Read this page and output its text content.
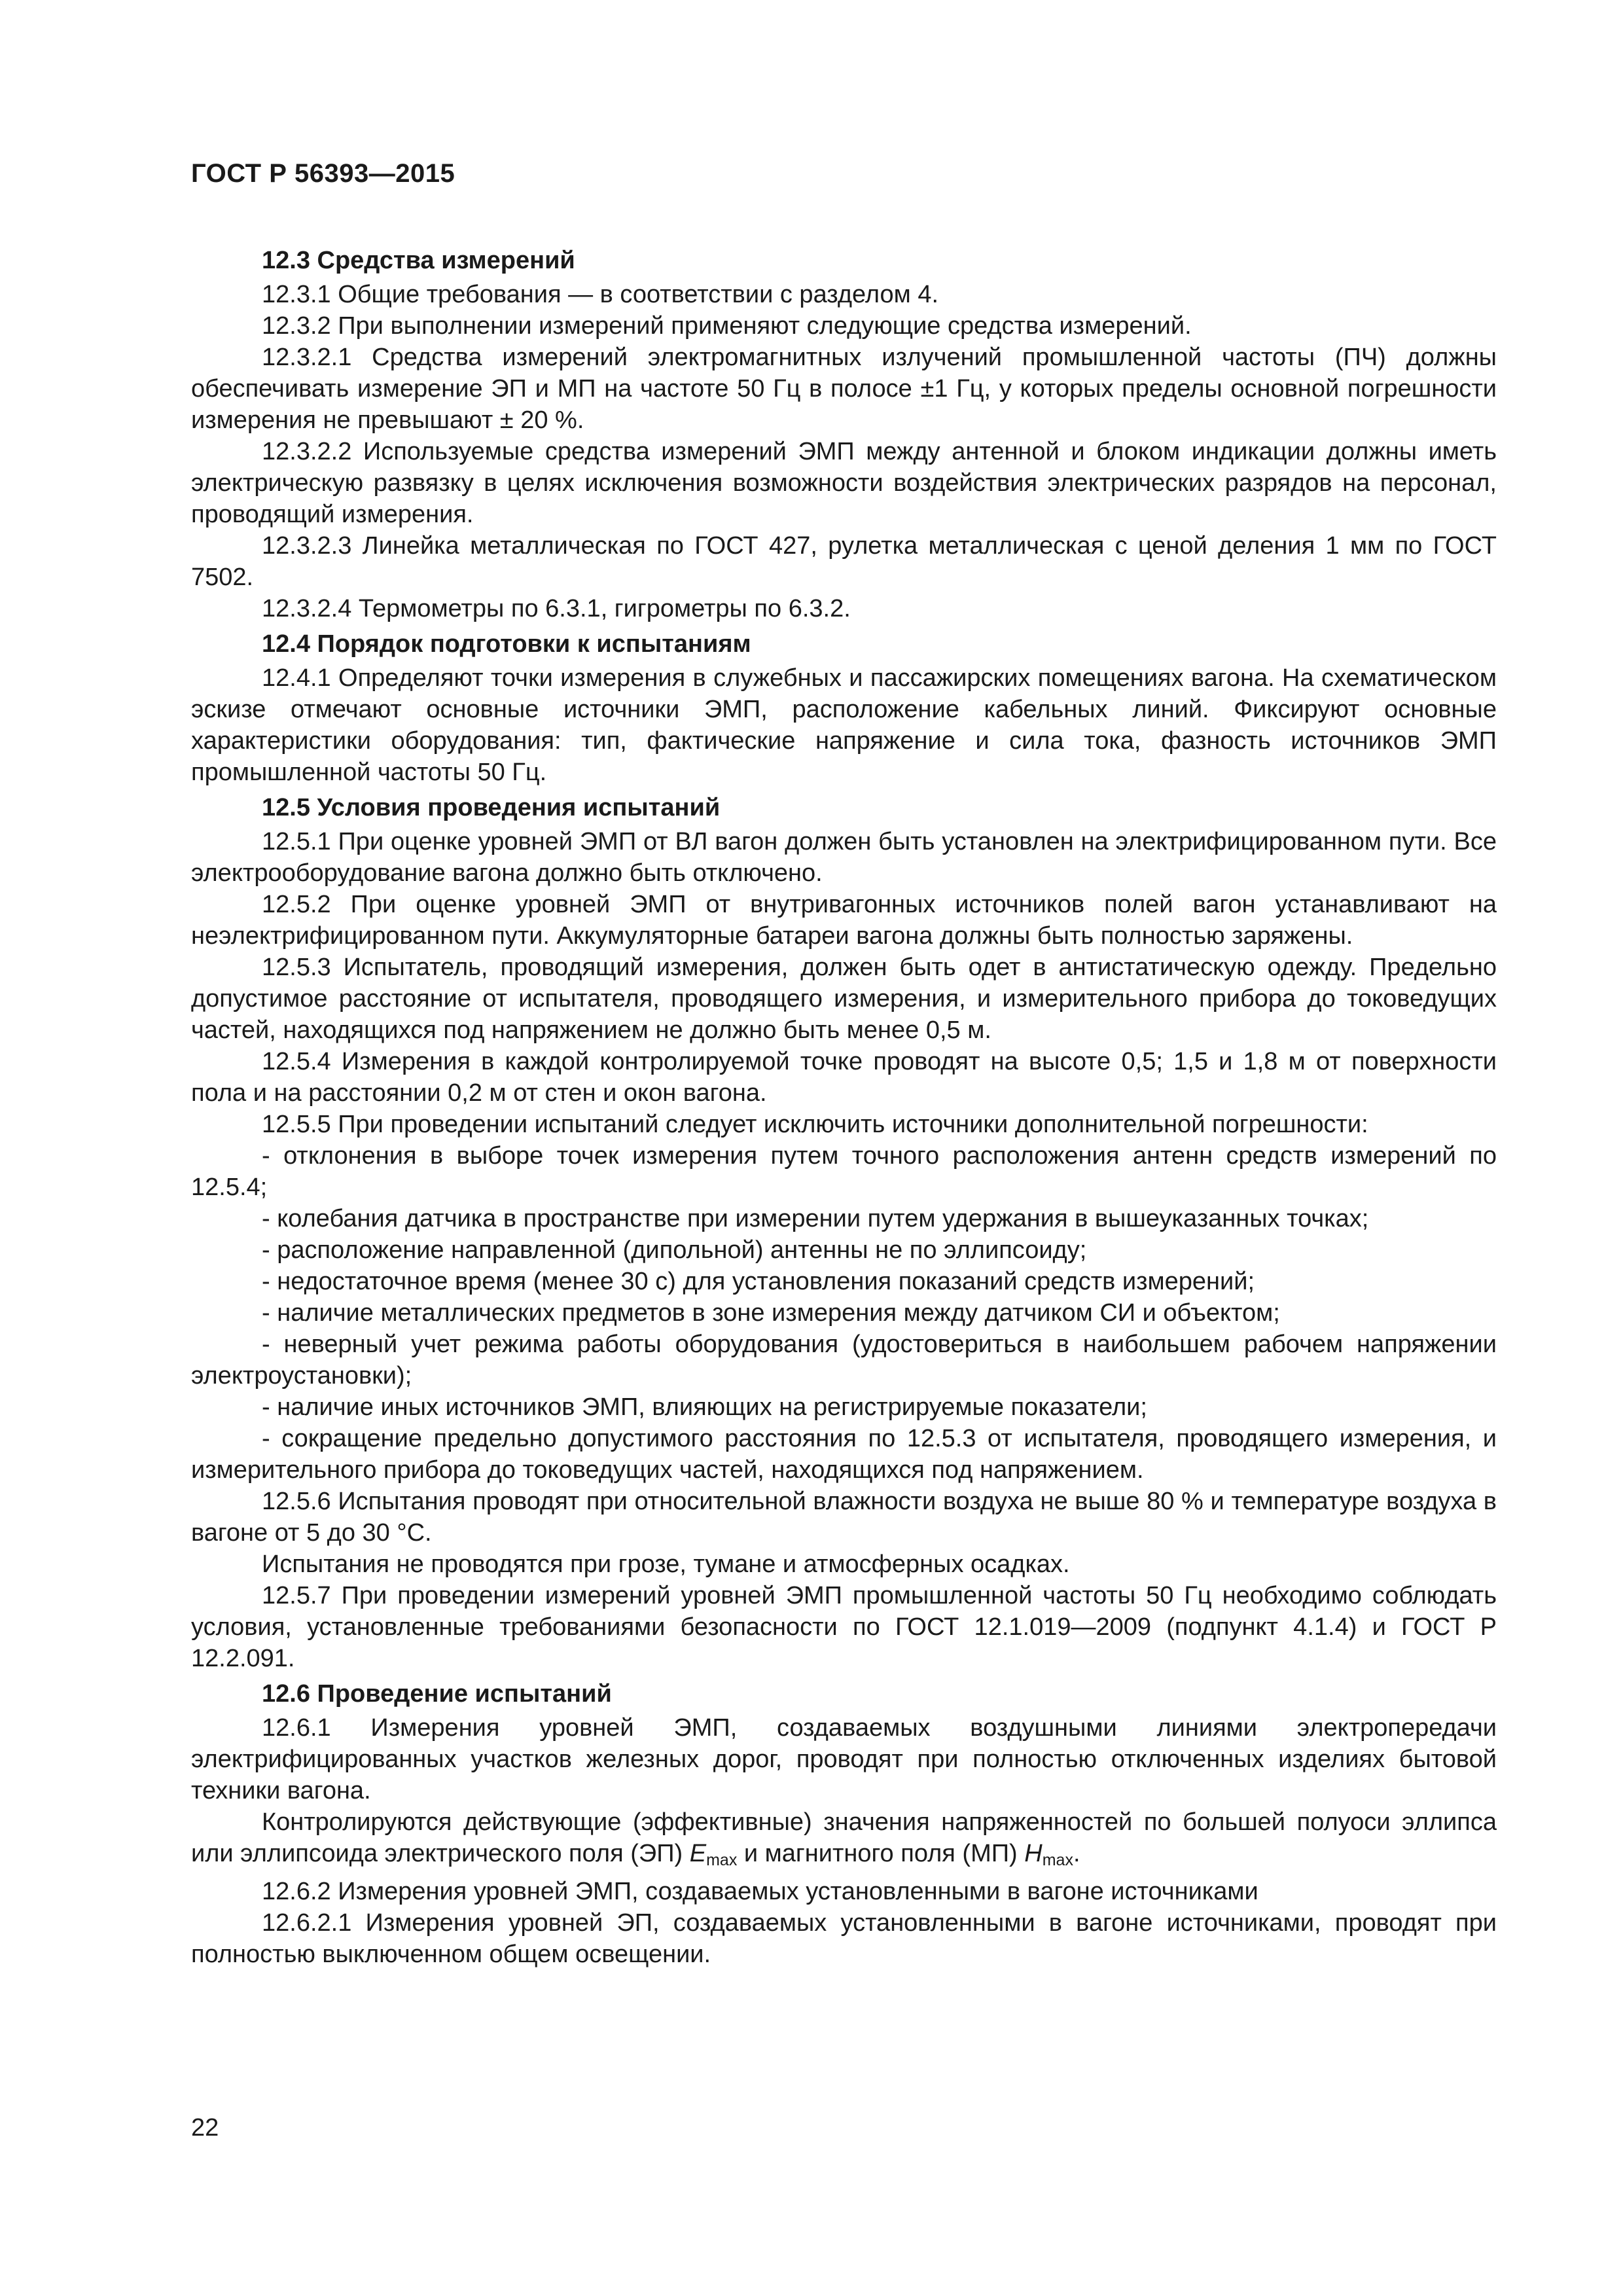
ГОСТ Р 56393—2015
12.3 Средства измерений

12.3.1 Общие требования — в соответствии с разделом 4.

12.3.2 При выполнении измерений применяют следующие средства измерений.

12.3.2.1 Средства измерений электромагнитных излучений промышленной частоты (ПЧ) должны обеспечивать измерение ЭП и МП на частоте 50 Гц в полосе ±1 Гц, у которых пределы основной погрешности измерения не превышают ± 20 %.

12.3.2.2 Используемые средства измерений ЭМП между антенной и блоком индикации должны иметь электрическую развязку в целях исключения возможности воздействия электрических разрядов на персонал, проводящий измерения.

12.3.2.3 Линейка металлическая по ГОСТ 427, рулетка металлическая с ценой деления 1 мм по ГОСТ 7502.

12.3.2.4 Термометры по 6.3.1, гигрометры по 6.3.2.

12.4 Порядок подготовки к испытаниям

12.4.1 Определяют точки измерения в служебных и пассажирских помещениях вагона. На схематическом эскизе отмечают основные источники ЭМП, расположение кабельных линий. Фиксируют основные характеристики оборудования: тип, фактические напряжение и сила тока, фазность источников ЭМП промышленной частоты 50 Гц.

12.5 Условия проведения испытаний

12.5.1 При оценке уровней ЭМП от ВЛ вагон должен быть установлен на электрифицированном пути. Все электрооборудование вагона должно быть отключено.

12.5.2 При оценке уровней ЭМП от внутривагонных источников полей вагон устанавливают на неэлектрифицированном пути. Аккумуляторные батареи вагона должны быть полностью заряжены.

12.5.3 Испытатель, проводящий измерения, должен быть одет в антистатическую одежду. Предельно допустимое расстояние от испытателя, проводящего измерения, и измерительного прибора до токоведущих частей, находящихся под напряжением не должно быть менее 0,5 м.

12.5.4 Измерения в каждой контролируемой точке проводят на высоте 0,5; 1,5 и 1,8 м от поверхности пола и на расстоянии 0,2 м от стен и окон вагона.

12.5.5 При проведении испытаний следует исключить источники дополнительной погрешности:

- отклонения в выборе точек измерения путем точного расположения антенн средств измерений по 12.5.4;

- колебания датчика в пространстве при измерении путем удержания в вышеуказанных точках;

- расположение направленной (дипольной) антенны не по эллипсоиду;

- недостаточное время (менее 30 с) для установления показаний средств измерений;

- наличие металлических предметов в зоне измерения между датчиком СИ и объектом;

- неверный учет режима работы оборудования (удостовериться в наибольшем рабочем напряжении электроустановки);

- наличие иных источников ЭМП, влияющих на регистрируемые показатели;

- сокращение предельно допустимого расстояния по 12.5.3 от испытателя, проводящего измерения, и измерительного прибора до токоведущих частей, находящихся под напряжением.

12.5.6 Испытания проводят при относительной влажности воздуха не выше 80 % и температуре воздуха в вагоне от 5 до 30 °С.

Испытания не проводятся при грозе, тумане и атмосферных осадках.

12.5.7 При проведении измерений уровней ЭМП промышленной частоты 50 Гц необходимо соблюдать условия, установленные требованиями безопасности по ГОСТ 12.1.019—2009 (подпункт 4.1.4) и ГОСТ Р 12.2.091.

12.6 Проведение испытаний

12.6.1 Измерения уровней ЭМП, создаваемых воздушными линиями электропередачи электрифицированных участков железных дорог, проводят при полностью отключенных изделиях бытовой техники вагона.

Контролируются действующие (эффективные) значения напряженностей по большей полуоси эллипса или эллипсоида электрического поля (ЭП) $E_{max}$ и магнитного поля (МП) $H_{max}$.

12.6.2 Измерения уровней ЭМП, создаваемых установленными в вагоне источниками

12.6.2.1 Измерения уровней ЭП, создаваемых установленными в вагоне источниками, проводят при полностью выключенном общем освещении.

22
